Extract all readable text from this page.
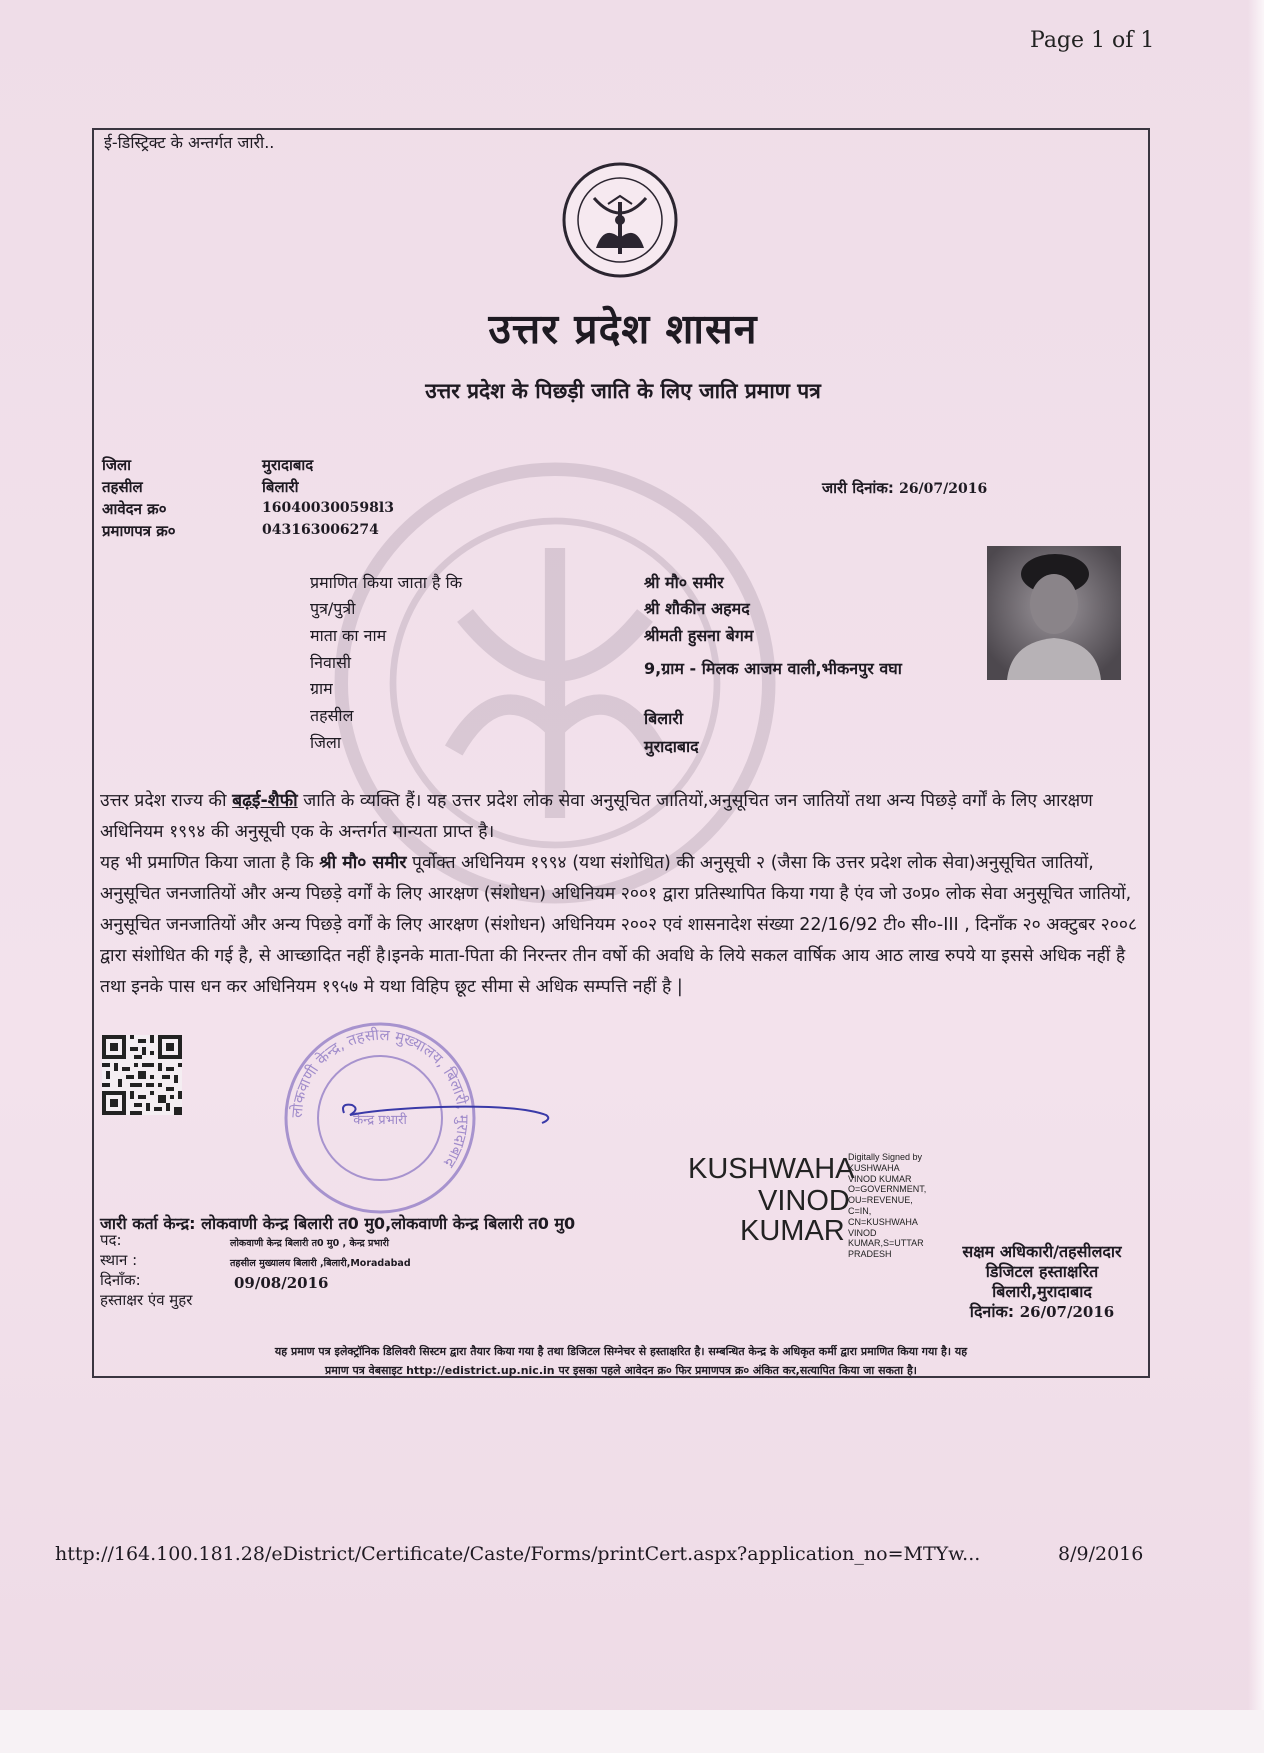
Page 1 of 1
ई-डिस्ट्रिक्ट के अन्तर्गत जारी..
उत्तर प्रदेश शासन
उत्तर प्रदेश के पिछड़ी जाति के लिए जाति प्रमाण पत्र
जिला	मुरादाबाद
तहसील	बिलारी
आवेदन क्र०	160400300598l3
प्रमाणपत्र क्र०	043163006274
जारी दिनांक: 26/07/2016
प्रमाणित किया जाता है कि	श्री मौ० समीर
पुत्र/पुत्री	श्री शौकीन अहमद
माता का नाम	श्रीमती हुसना बेगम
निवासी	9,ग्राम - मिलक आजम वाली,भीकनपुर वघा
ग्राम
तहसील	बिलारी
जिला	मुरादाबाद
उत्तर प्रदेश राज्य की बढ़ई-शैफी जाति के व्यक्ति हैं। यह उत्तर प्रदेश लोक सेवा अनुसूचित जातियों,अनुसूचित जन जातियों तथा अन्य पिछड़े वर्गों के लिए आरक्षण अधिनियम १९९४ की अनुसूची एक के अन्तर्गत मान्यता प्राप्त है।
यह भी प्रमाणित किया जाता है कि श्री मौ० समीर पूर्वोक्त अधिनियम १९९४ (यथा संशोधित) की अनुसूची २ (जैसा कि उत्तर प्रदेश लोक सेवा)अनुसूचित जातियों, अनुसूचित जनजातियों और अन्य पिछड़े वर्गों के लिए आरक्षण (संशोधन) अधिनियम २००१ द्वारा प्रतिस्थापित किया गया है एंव जो उ०प्र० लोक सेवा अनुसूचित जातियों, अनुसूचित जनजातियों और अन्य पिछड़े वर्गों के लिए आरक्षण (संशोधन) अधिनियम २००२ एवं शासनादेश संख्या 22/16/92 टी० सी०-III , दिनाँक २० अक्टुबर २००८ द्वारा संशोधित की गई है, से आच्छादित नहीं है।इनके माता-पिता की निरन्तर तीन वर्षो की अवधि के लिये सकल वार्षिक आय आठ लाख रुपये या इससे अधिक नहीं है तथा इनके पास धन कर अधिनियम १९५७ मे यथा विहिप छूट सीमा से अधिक सम्पत्ति नहीं है |
लोकवाणी केन्द्र, तहसील मुख्यालय, बिलारी, मुरादाबाद
केन्द्र प्रभारी
जारी कर्ता केन्द्र: लोकवाणी केन्द्र बिलारी त0 मु0,लोकवाणी केन्द्र बिलारी त0 मु0
पद:	लोकवाणी केन्द्र बिलारी त0 मु0 , केन्द्र प्रभारी
स्थान :	तहसील मुख्यालय बिलारी ,बिलारी,Moradabad
दिनाँक:	09/08/2016
हस्ताक्षर एंव मुहर
KUSHWAHA
VINOD
KUMAR
Digitally Signed by
KUSHWAHA
VINOD KUMAR
O=GOVERNMENT,
OU=REVENUE,
C=IN,
CN=KUSHWAHA
VINOD
KUMAR,S=UTTAR
PRADESH	सक्षम अधिकारी/तहसीलदार
डिजिटल हस्ताक्षरित
बिलारी,मुरादाबाद
दिनांक: 26/07/2016
यह प्रमाण पत्र इलेक्ट्रॉनिक डिलिवरी सिस्टम द्वारा तैयार किया गया है तथा डिजिटल सिग्नेचर से हस्ताक्षरित है। सम्बन्धित केन्द्र के अधिकृत कर्मी द्वारा प्रमाणित किया गया है। यह
प्रमाण पत्र वेबसाइट http://edistrict.up.nic.in पर इसका पहले आवेदन क्र० फिर प्रमाणपत्र क्र० अंकित कर,सत्यापित किया जा सकता है।
http://164.100.181.28/eDistrict/Certificate/Caste/Forms/printCert.aspx?application_no=MTYw...	8/9/2016
